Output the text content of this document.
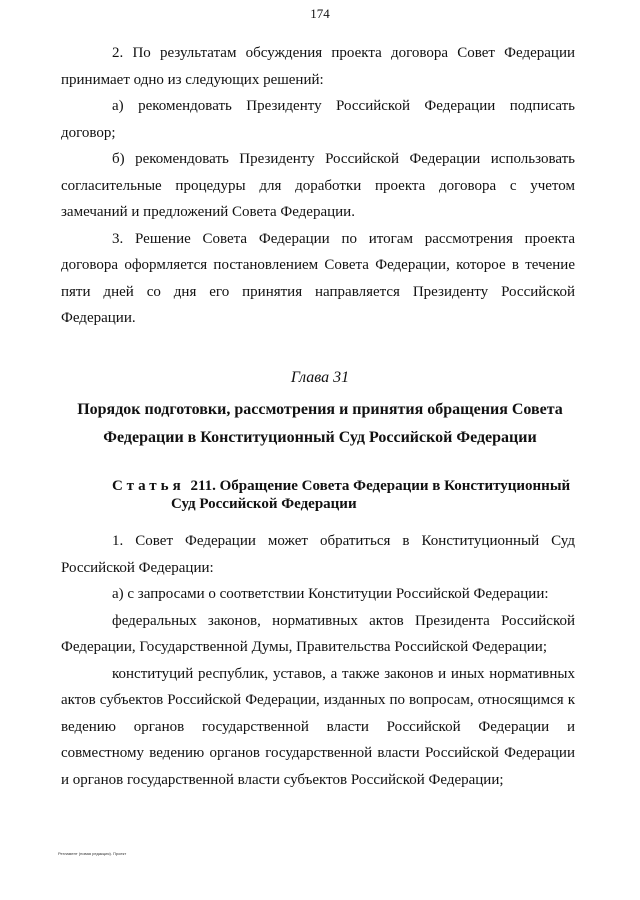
174

2. По результатам обсуждения проекта договора Совет Федерации принимает одно из следующих решений:

а) рекомендовать Президенту Российской Федерации подписать договор;

б) рекомендовать Президенту Российской Федерации использовать согласительные процедуры для доработки проекта договора с учетом замечаний и предложений Совета Федерации.

3. Решение Совета Федерации по итогам рассмотрения проекта договора оформляется постановлением Совета Федерации, которое в течение пяти дней со дня его принятия направляется Президенту Российской Федерации.

Глава 31
Порядок подготовки, рассмотрения и принятия обращения Совета Федерации в Конституционный Суд Российской Федерации
Статья 211. Обращение Совета Федерации в Конституционный
Суд Российской Федерации

1. Совет Федерации может обратиться в Конституционный Суд Российской Федерации:

а) с запросами о соответствии Конституции Российской Федерации:

федеральных законов, нормативных актов Президента Российской Федерации, Государственной Думы, Правительства Российской Федерации;

конституций республик, уставов, а также законов и иных нормативных актов субъектов Российской Федерации, изданных по вопросам, относящимся к ведению органов государственной власти Российской Федерации и совместному ведению органов государственной власти Российской Федерации и органов государственной власти субъектов Российской Федерации;

Регламент (новая редакция). Проект
